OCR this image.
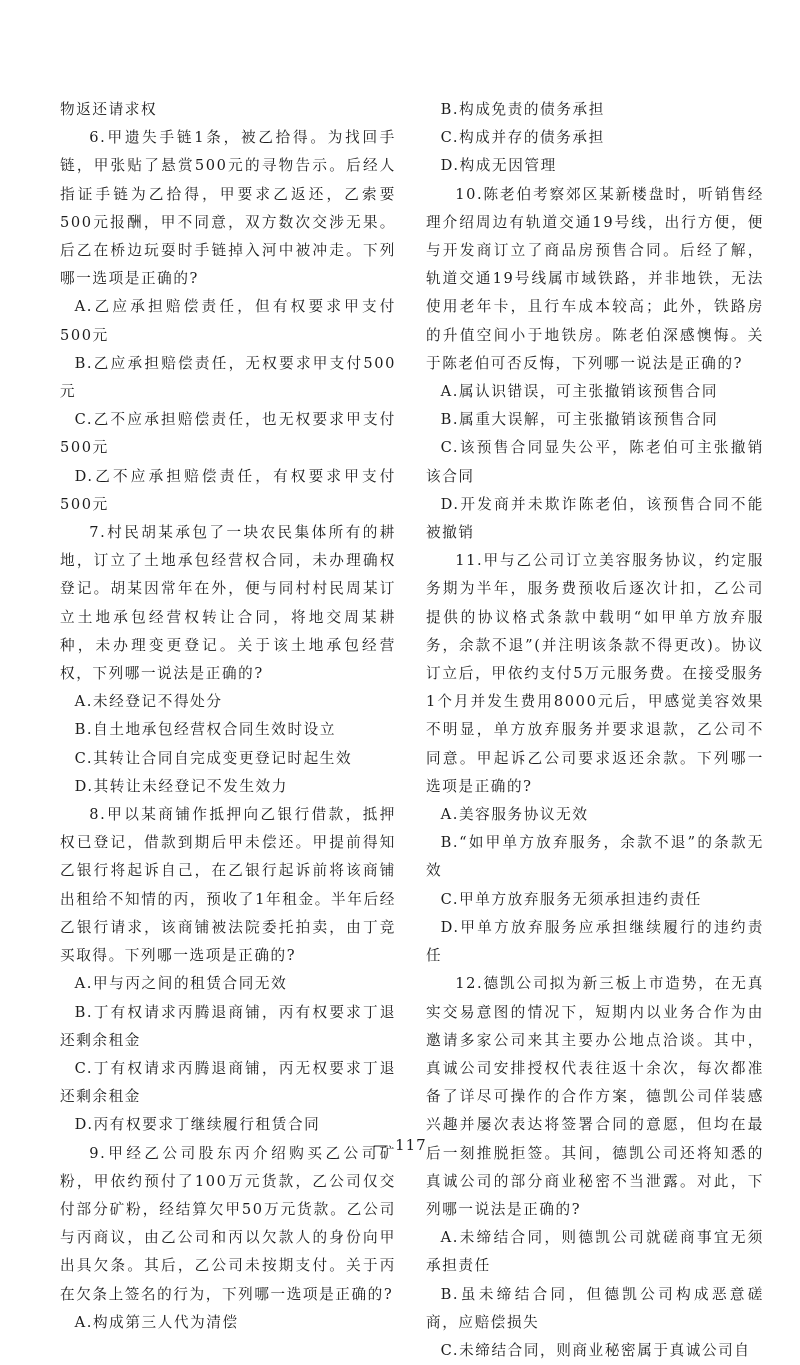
物返还请求权

6.甲遗失手链1条，被乙拾得。为找回手链，甲张贴了悬赏500元的寻物告示。后经人指证手链为乙拾得，甲要求乙返还，乙索要500元报酬，甲不同意，双方数次交涉无果。后乙在桥边玩耍时手链掉入河中被冲走。下列哪一选项是正确的?

A.乙应承担赔偿责任，但有权要求甲支付500元

B.乙应承担赔偿责任，无权要求甲支付500元

C.乙不应承担赔偿责任，也无权要求甲支付500元

D.乙不应承担赔偿责任，有权要求甲支付500元

7.村民胡某承包了一块农民集体所有的耕地，订立了土地承包经营权合同，未办理确权登记。胡某因常年在外，便与同村村民周某订立土地承包经营权转让合同，将地交周某耕种，未办理变更登记。关于该土地承包经营权，下列哪一说法是正确的?

A.未经登记不得处分

B.自土地承包经营权合同生效时设立

C.其转让合同自完成变更登记时起生效

D.其转让未经登记不发生效力

8.甲以某商铺作抵押向乙银行借款，抵押权已登记，借款到期后甲未偿还。甲提前得知乙银行将起诉自己，在乙银行起诉前将该商铺出租给不知情的丙，预收了1年租金。半年后经乙银行请求，该商铺被法院委托拍卖，由丁竞买取得。下列哪一选项是正确的?

A.甲与丙之间的租赁合同无效

B.丁有权请求丙腾退商铺，丙有权要求丁退还剩余租金

C.丁有权请求丙腾退商铺，丙无权要求丁退还剩余租金

D.丙有权要求丁继续履行租赁合同

9.甲经乙公司股东丙介绍购买乙公司矿粉，甲依约预付了100万元货款，乙公司仅交付部分矿粉，经结算欠甲50万元货款。乙公司与丙商议，由乙公司和丙以欠款人的身份向甲出具欠条。其后，乙公司未按期支付。关于丙在欠条上签名的行为，下列哪一选项是正确的?

A.构成第三人代为清偿

B.构成免责的债务承担

C.构成并存的债务承担

D.构成无因管理

10.陈老伯考察郊区某新楼盘时，听销售经理介绍周边有轨道交通19号线，出行方便，便与开发商订立了商品房预售合同。后经了解，轨道交通19号线属市域铁路，并非地铁，无法使用老年卡，且行车成本较高；此外，铁路房的升值空间小于地铁房。陈老伯深感懊悔。关于陈老伯可否反悔，下列哪一说法是正确的?

A.属认识错误，可主张撤销该预售合同

B.属重大误解，可主张撤销该预售合同

C.该预售合同显失公平，陈老伯可主张撤销该合同

D.开发商并未欺诈陈老伯，该预售合同不能被撤销

11.甲与乙公司订立美容服务协议，约定服务期为半年，服务费预收后逐次计扣，乙公司提供的协议格式条款中载明“如甲单方放弃服务，余款不退”(并注明该条款不得更改)。协议订立后，甲依约支付5万元服务费。在接受服务1个月并发生费用8000元后，甲感觉美容效果不明显，单方放弃服务并要求退款，乙公司不同意。甲起诉乙公司要求返还余款。下列哪一选项是正确的?

A.美容服务协议无效

B.“如甲单方放弃服务，余款不退”的条款无效

C.甲单方放弃服务无须承担违约责任

D.甲单方放弃服务应承担继续履行的违约责任

12.德凯公司拟为新三板上市造势，在无真实交易意图的情况下，短期内以业务合作为由邀请多家公司来其主要办公地点洽谈。其中，真诚公司安排授权代表往返十余次，每次都准备了详尽可操作的合作方案，德凯公司佯装感兴趣并屡次表达将签署合同的意愿，但均在最后一刻推脱拒签。其间，德凯公司还将知悉的真诚公司的部分商业秘密不当泄露。对此，下列哪一说法是正确的?

A.未缔结合同，则德凯公司就磋商事宜无须承担责任

B.虽未缔结合同，但德凯公司构成恶意磋商，应赔偿损失

C.未缔结合同，则商业秘密属于真诚公司自

— 117
